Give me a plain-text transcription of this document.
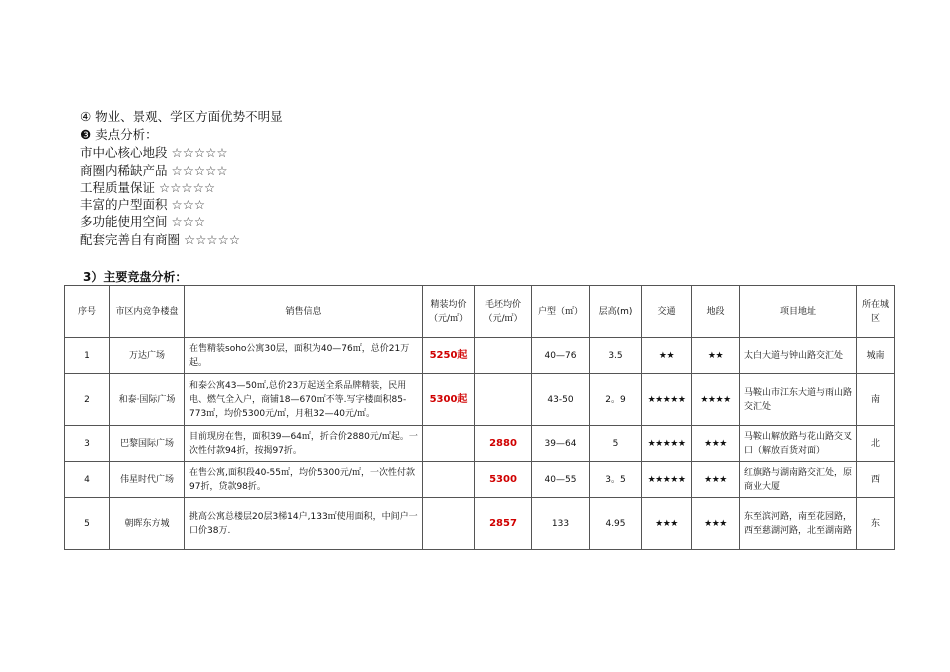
④ 物业、景观、学区方面优势不明显
❸ 卖点分析：
市中心核心地段 ☆☆☆☆☆
商圈内稀缺产品 ☆☆☆☆☆
工程质量保证 ☆☆☆☆☆
丰富的户型面积 ☆☆☆
多功能使用空间 ☆☆☆
配套完善自有商圈 ☆☆☆☆☆
3）主要竞盘分析：
序号	市区内竞争楼盘	销售信息	精装均价（元/㎡）	毛坯均价（元/㎡）	户型（㎡）	层高(m)	交通	地段	项目地址	所在城区
1	万达广场	在售精装soho公寓30层，面积为40—76㎡，总价21万起。	5250起		40—76	3.5	★★	★★	太白大道与钟山路交汇处	城南
2	和泰·国际广场	和泰公寓43—50㎡,总价23万起送全系品牌精装，民用电、燃气全入户，商铺18—670㎡不等.写字楼面积85-773㎡，均价5300元/㎡，月租32—40元/㎡。	5300起		43-50	2。9	★★★★★	★★★★	马鞍山市江东大道与雨山路交汇处	南
3	巴黎国际广场	目前现房在售，面积39—64㎡，折合价2880元/㎡起。一次性付款94折，按揭97折。		2880	39—64	5	★★★★★	★★★	马鞍山解放路与花山路交叉口（解放百货对面）	北
4	伟星时代广场	在售公寓,面积段40-55㎡，均价5300元/㎡，一次性付款97折，贷款98折。		5300	40—55	3。5	★★★★★	★★★	红旗路与湖南路交汇处，原商业大厦	西
5	朝晖东方城	挑高公寓总楼层20层3梯14户,133㎡使用面积，中间户一口价38万.		2857	133	4.95	★★★	★★★	东至滨河路，南至花园路，西至慈湖河路，北至湖南路	东
